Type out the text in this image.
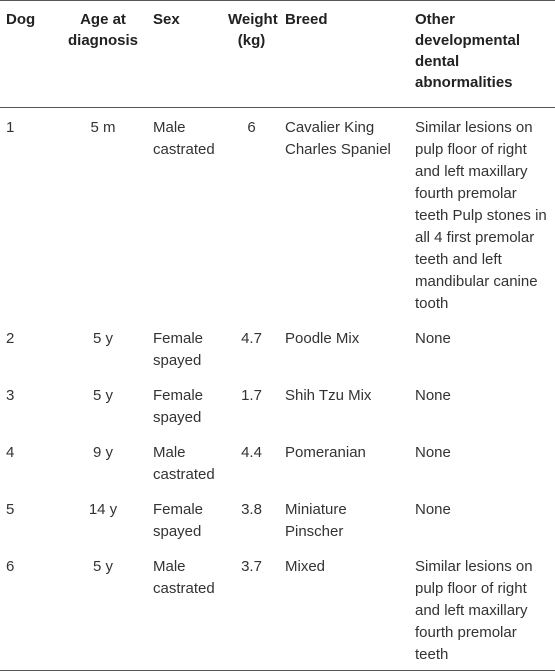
Dog	Age at diagnosis	Sex	Weight (kg)	Breed	Other developmental dental abnormalities
1	5 m	Male castrated	6	Cavalier King Charles Spaniel	Similar lesions on pulp floor of right and left maxillary fourth premolar teeth Pulp stones in all 4 first premolar teeth and left mandibular canine tooth
2	5 y	Female spayed	4.7	Poodle Mix	None
3	5 y	Female spayed	1.7	Shih Tzu Mix	None
4	9 y	Male castrated	4.4	Pomeranian	None
5	14 y	Female spayed	3.8	Miniature Pinscher	None
6	5 y	Male castrated	3.7	Mixed	Similar lesions on pulp floor of right and left maxillary fourth premolar teeth
